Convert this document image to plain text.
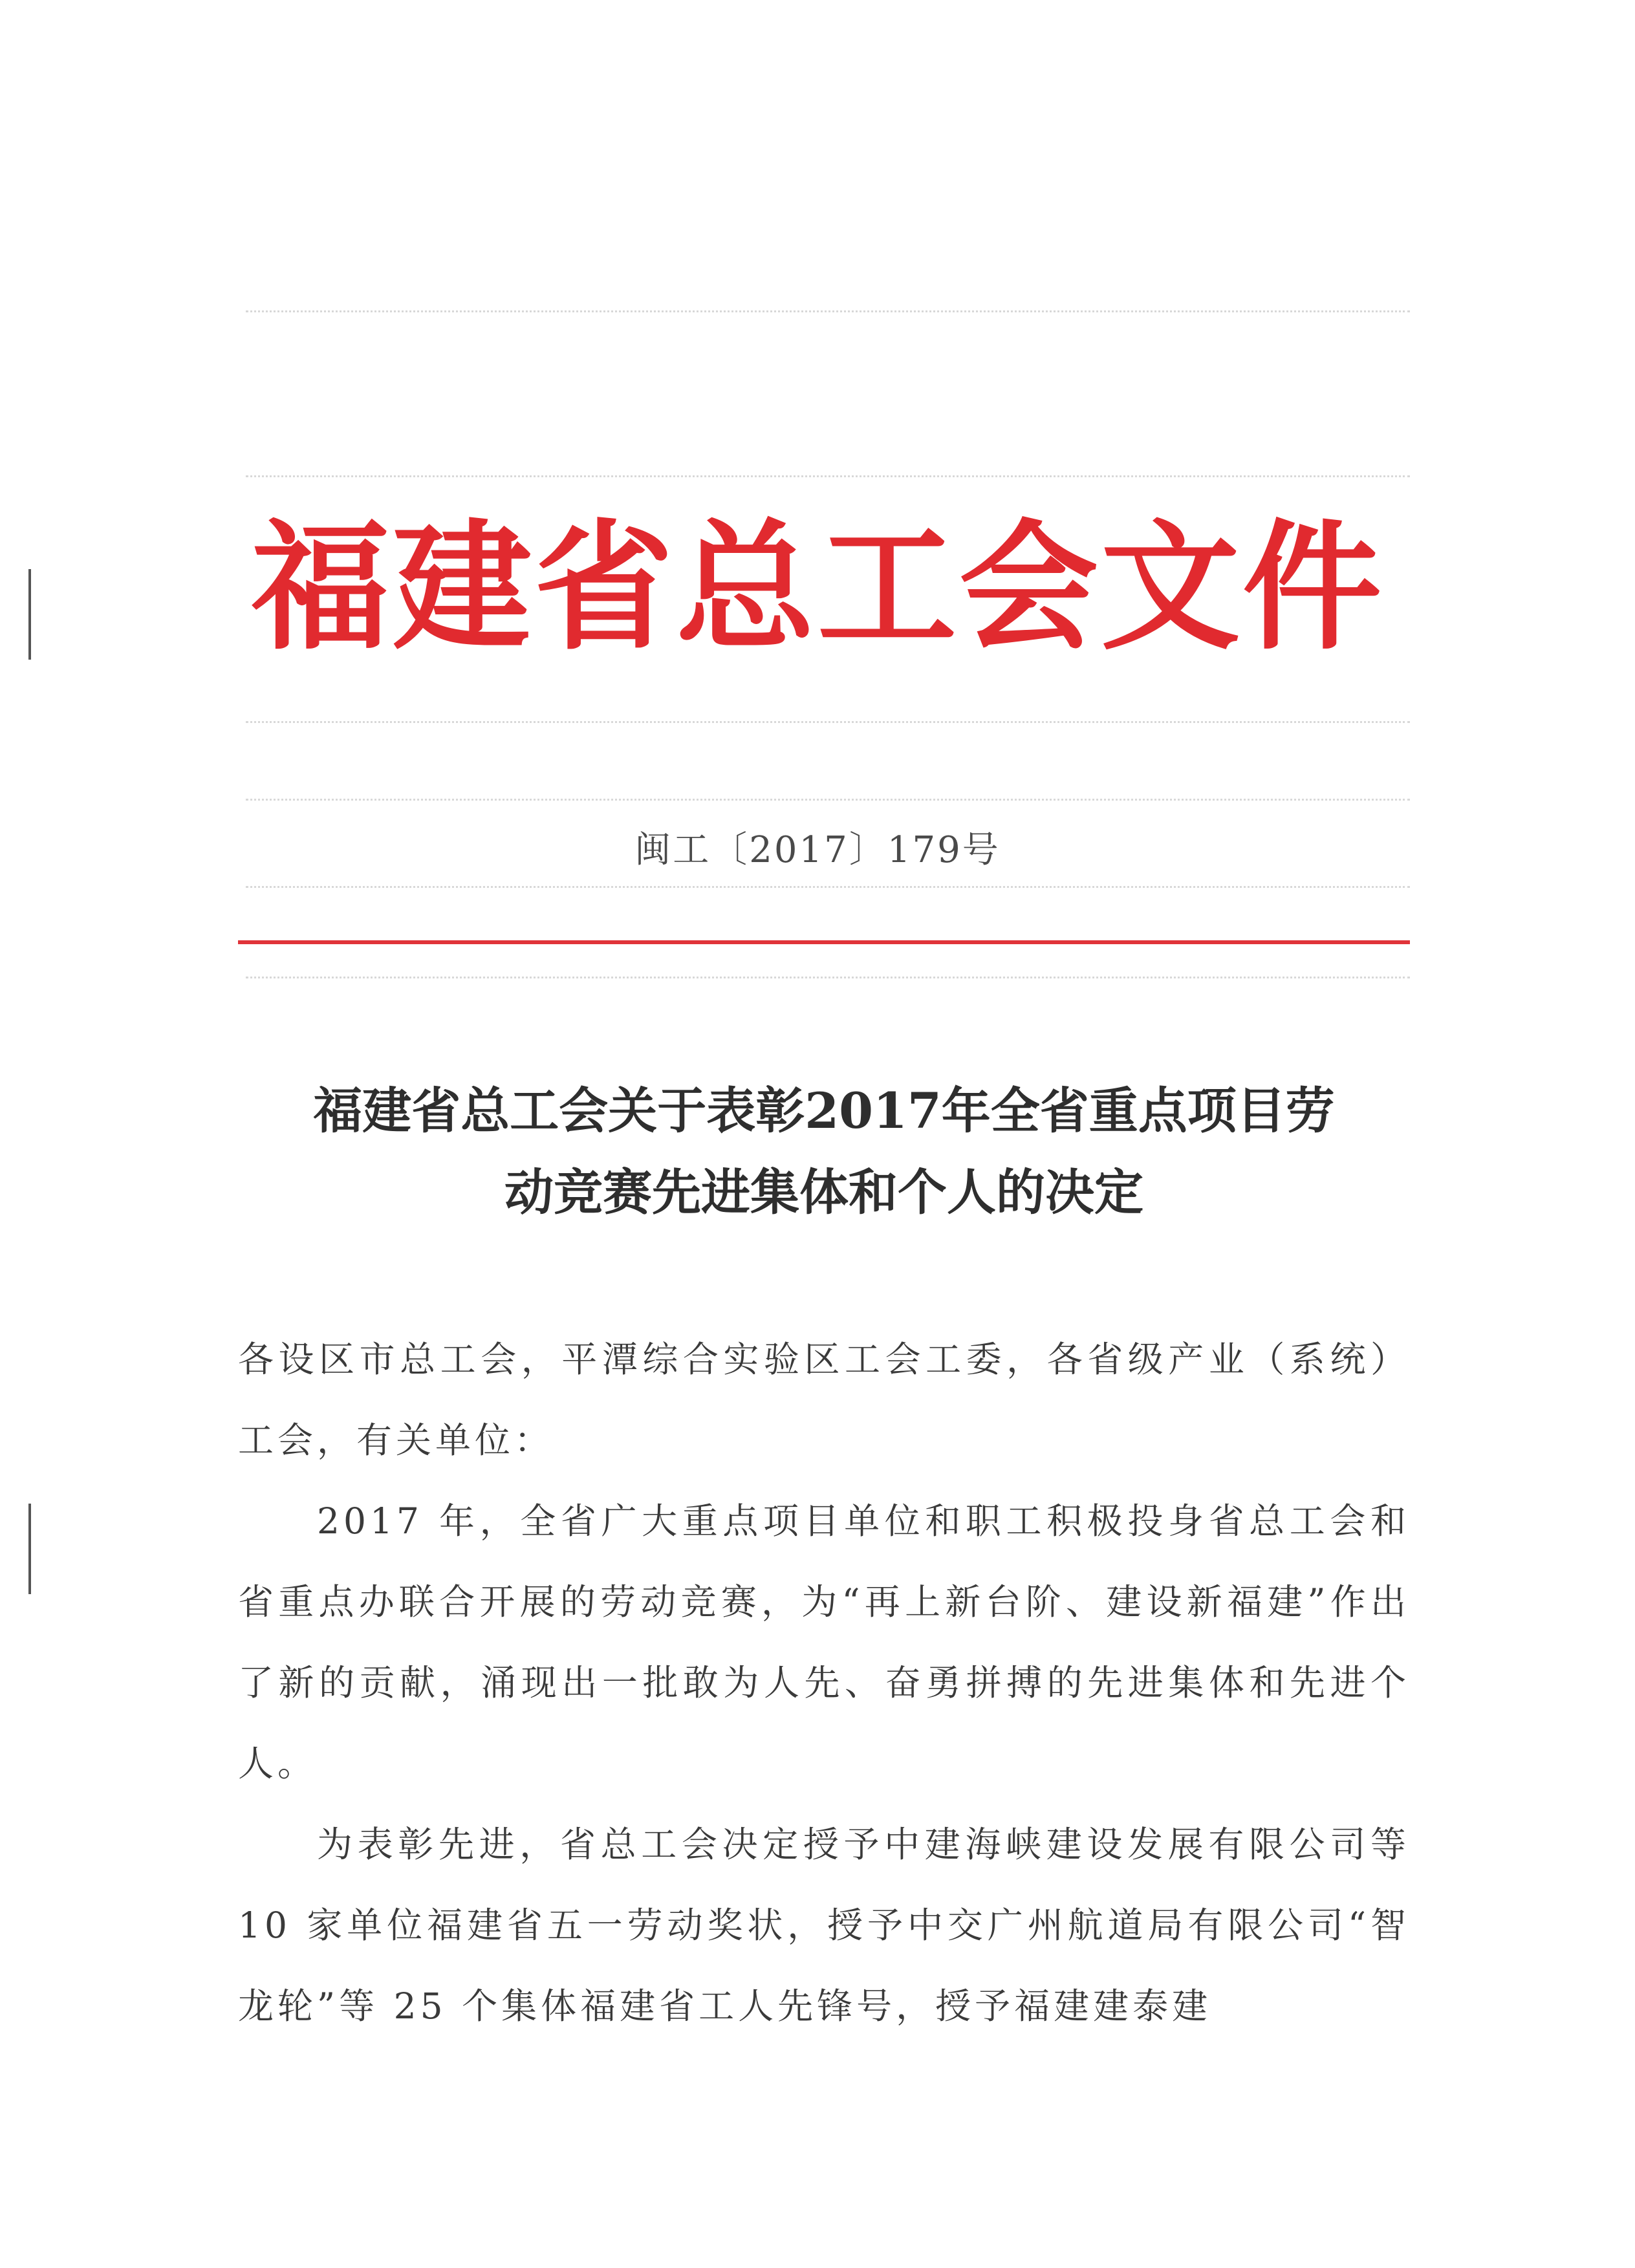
福建省总工会文件
闽工〔2017〕179号
福建省总工会关于表彰2017年全省重点项目劳
动竞赛先进集体和个人的决定

各设区市总工会，平潭综合实验区工会工委，各省级产业（系统）工会，有关单位：

2017 年，全省广大重点项目单位和职工积极投身省总工会和省重点办联合开展的劳动竞赛，为“再上新台阶、建设新福建”作出了新的贡献，涌现出一批敢为人先、奋勇拼搏的先进集体和先进个人。

为表彰先进，省总工会决定授予中建海峡建设发展有限公司等 10 家单位福建省五一劳动奖状，授予中交广州航道局有限公司“智龙轮”等 25 个集体福建省工人先锋号，授予福建建泰建
